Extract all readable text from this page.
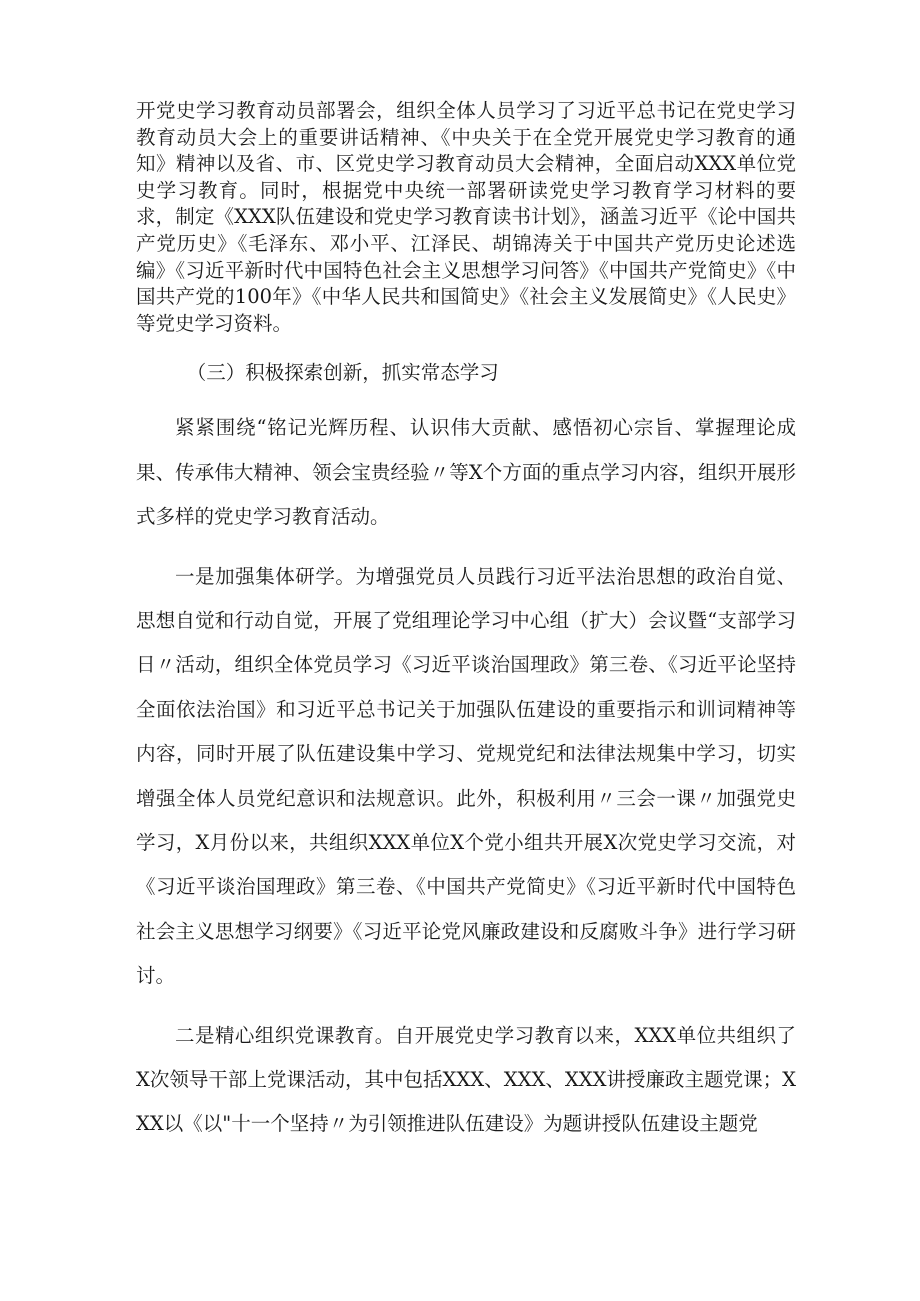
开党史学习教育动员部署会，组织全体人员学习了习近平总书记在党史学习教育动员大会上的重要讲话精神、《中央关于在全党开展党史学习教育的通知》精神以及省、市、区党史学习教育动员大会精神，全面启动XXX单位党史学习教育。同时，根据党中央统一部署研读党史学习教育学习材料的要求，制定《XXX队伍建设和党史学习教育读书计划》，涵盖习近平《论中国共产党历史》《毛泽东、邓小平、江泽民、胡锦涛关于中国共产党历史论述选编》《习近平新时代中国特色社会主义思想学习问答》《中国共产党简史》《中国共产党的100年》《中华人民共和国简史》《社会主义发展简史》《人民史》等党史学习资料。

（三）积极探索创新，抓实常态学习

紧紧围绕“铭记光辉历程、认识伟大贡献、感悟初心宗旨、掌握理论成果、传承伟大精神、领会宝贵经验〃等X个方面的重点学习内容，组织开展形式多样的党史学习教育活动。

一是加强集体研学。为增强党员人员践行习近平法治思想的政治自觉、思想自觉和行动自觉，开展了党组理论学习中心组（扩大）会议暨“支部学习日〃活动，组织全体党员学习《习近平谈治国理政》第三卷、《习近平论坚持全面依法治国》和习近平总书记关于加强队伍建设的重要指示和训词精神等内容，同时开展了队伍建设集中学习、党规党纪和法律法规集中学习，切实增强全体人员党纪意识和法规意识。此外，积极利用〃三会一课〃加强党史学习，X月份以来，共组织XXX单位X个党小组共开展X次党史学习交流，对《习近平谈治国理政》第三卷、《中国共产党简史》《习近平新时代中国特色社会主义思想学习纲要》《习近平论党风廉政建设和反腐败斗争》进行学习研讨。

二是精心组织党课教育。自开展党史学习教育以来，XXX单位共组织了X次领导干部上党课活动，其中包括XXX、XXX、XXX讲授廉政主题党课；XXX以《以"十一个坚持〃为引领推进队伍建设》为题讲授队伍建设主题党
